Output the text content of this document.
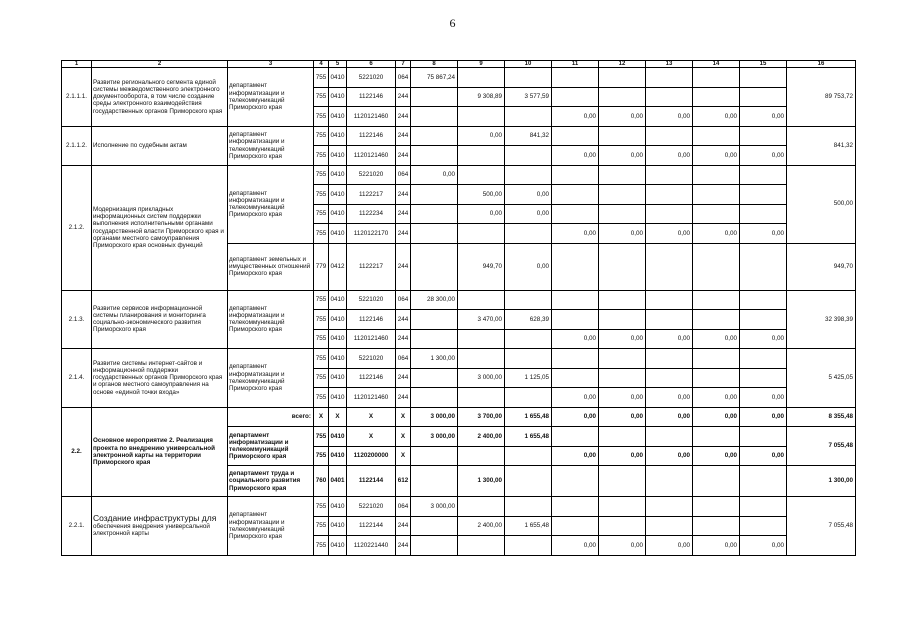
6
1	2	3	4	5	6	7	8	9	10	11	12	13	14	15	16
2.1.1.1.	Развитие регионального сегмента единой системы межведомственного электронного документооборота, в том числе создание среды электронного взаимодействия государственных органов Приморского края	департамент информатизации и телекоммуникаций Приморского края	755	0410	5221020	064	75 867,24								89 753,72
			755	0410	1122146	244		9 308,89	3 577,59						
			755	0410	1120121460	244				0,00	0,00	0,00	0,00	0,00	
2.1.1.2.	Исполнение по судебным актам	департамент информатизации и телекоммуникаций Приморского края	755	0410	1122146	244		0,00	841,32						841,32
			755	0410	1120121460	244				0,00	0,00	0,00	0,00	0,00	
2.1.2.	Модернизация прикладных информационных систем поддержки выполнения исполнительными органами государственной власти Приморского края и органами местного самоуправления Приморского края основных функций	департамент информатизации и телекоммуникаций Приморского края	755	0410	5221020	064	0,00								500,00
			755	0410	1122217	244		500,00	0,00						
			755	0410	1122234	244		0,00	0,00						
			755	0410	1120122170	244				0,00	0,00	0,00	0,00	0,00	
		департамент земельных и имущественных отношений Приморского края	779	0412	1122217	244		949,70	0,00						949,70
2.1.3.	Развитие сервисов информационной системы планирования и мониторинга социально-экономического развития Приморского края	департамент информатизации и телекоммуникаций Приморского края	755	0410	5221020	064	28 300,00								32 398,39
			755	0410	1122146	244		3 470,00	628,39						
			755	0410	1120121460	244				0,00	0,00	0,00	0,00	0,00	
2.1.4.	Развитие системы интернет-сайтов и информационной поддержки государственных органов Приморского края и органов местного самоуправления на основе «единой точки входа»	департамент информатизации и телекоммуникаций Приморского края	755	0410	5221020	064	1 300,00								5 425,05
			755	0410	1122146	244		3 000,00	1 125,05						
			755	0410	1120121460	244				0,00	0,00	0,00	0,00	0,00	
2.2.	Основное мероприятие 2. Реализация проекта по внедрению универсальной электронной карты на территории Приморского края	всего:	X	X	X	X	3 000,00	3 700,00	1 655,48	0,00	0,00	0,00	0,00	0,00	8 355,48
		департамент информатизации и телекоммуникаций Приморского края	755	0410	X	X	3 000,00	2 400,00	1 655,48						7 055,48
			755	0410	1120200000	X				0,00	0,00	0,00	0,00	0,00	
		департамент труда и социального развития Приморского края	760	0401	1122144	612		1 300,00							1 300,00
2.2.1.	Создание инфраструктуры для обеспечения внедрения универсальной электронной карты	департамент информатизации и телекоммуникаций Приморского края	755	0410	5221020	064	3 000,00								7 055,48
			755	0410	1122144	244		2 400,00	1 655,48						
			755	0410	1120221440	244				0,00	0,00	0,00	0,00	0,00	
